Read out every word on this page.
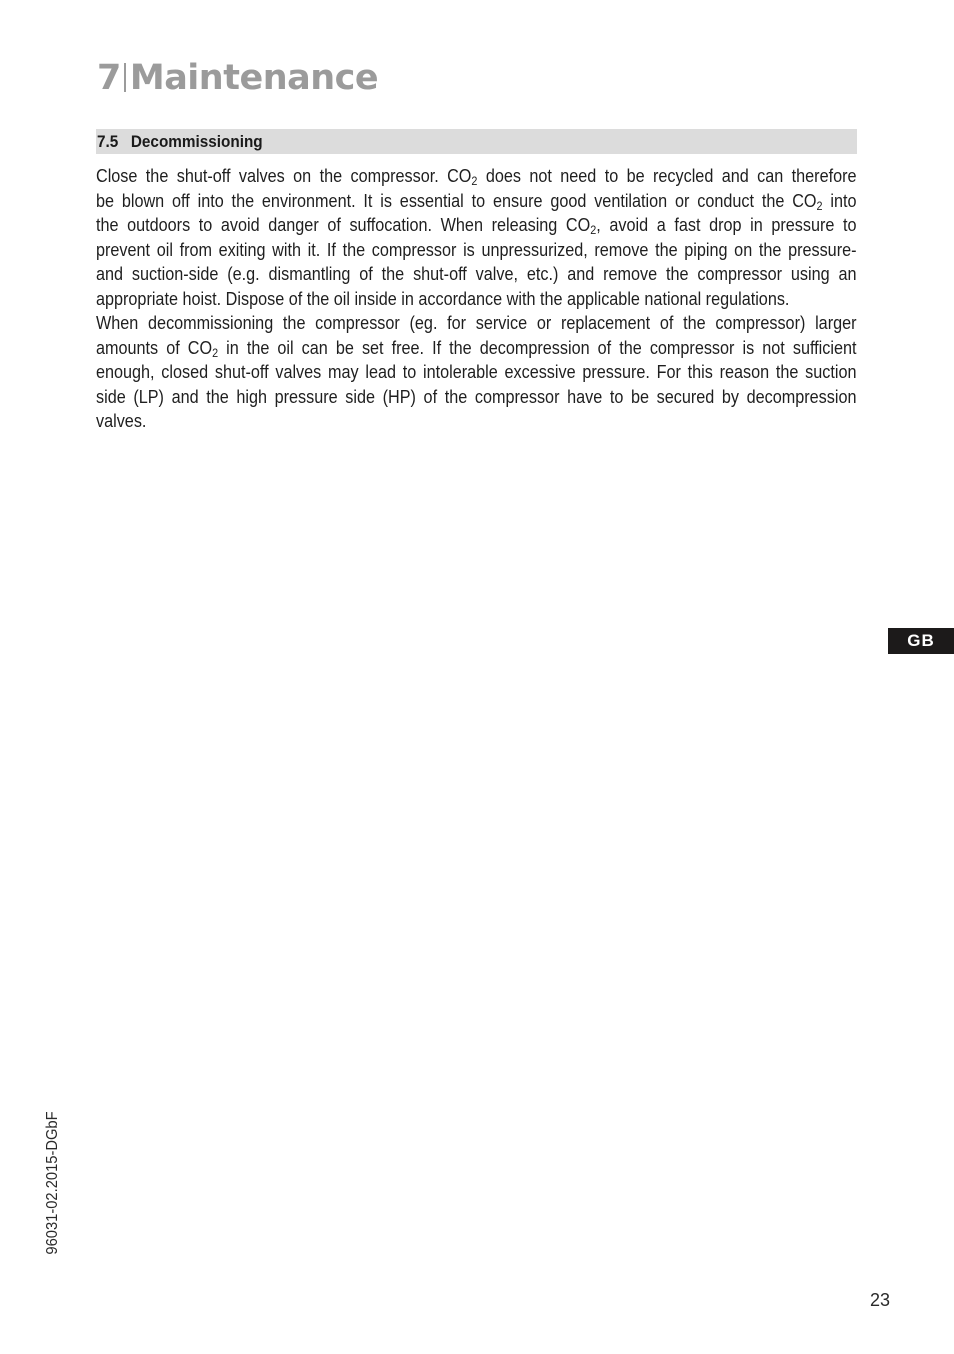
7 Maintenance
7.5 Decommissioning
Close the shut-off valves on the compressor. $CO_2$ does not need to be recycled and can therefore
be blown off into the environment. It is essential to ensure good ventilation or conduct the $CO_2$ into
the outdoors to avoid danger of suffocation. When releasing $CO_2$, avoid a fast drop in pressure to
prevent oil from exiting with it. If the compressor is unpressurized, remove the piping on the pressure-
and suction-side (e.g. dismantling of the shut-off valve, etc.) and remove the compressor using an
appropriate hoist. Dispose of the oil inside in accordance with the applicable national regulations.
When decommissioning the compressor (eg. for service or replacement of the compressor) larger
amounts of $CO_2$ in the oil can be set free. If the decompression of the compressor is not sufficient
enough, closed shut-off valves may lead to intolerable excessive pressure. For this reason the suction
side (LP) and the high pressure side (HP) of the compressor have to be secured by decompression
valves.
GB
96031-02.2015-DGbF
23
